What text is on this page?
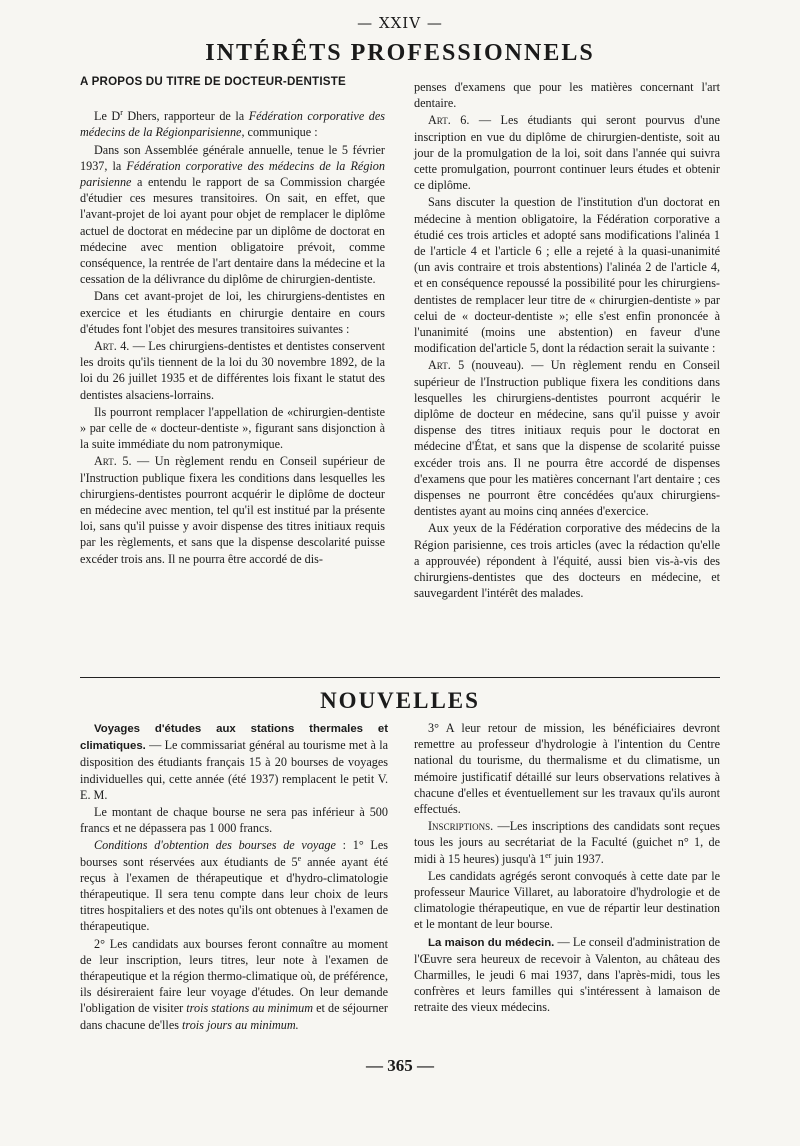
— XXIV —
INTÉRÊTS PROFESSIONNELS
A PROPOS DU TITRE DE DOCTEUR-DENTISTE

Le $D^r$ Dhers, rapporteur de la Fédération corporative des médecins de la Régionparisienne, communique :

Dans son Assemblée générale annuelle, tenue le 5 février 1937, la Fédération corporative des médecins de la Région parisienne a entendu le rapport de sa Commission chargée d'étudier ces mesures transitoires. On sait, en effet, que l'avant-projet de loi ayant pour objet de remplacer le diplôme actuel de doctorat en médecine par un diplôme de doctorat en médecine avec mention obligatoire prévoit, comme conséquence, la rentrée de l'art dentaire dans la médecine et la cessation de la délivrance du diplôme de chirurgien-dentiste.

Dans cet avant-projet de loi, les chirurgiens-dentistes en exercice et les étudiants en chirurgie dentaire en cours d'études font l'objet des mesures transitoires suivantes :

Art. 4. — Les chirurgiens-dentistes et dentistes conservent les droits qu'ils tiennent de la loi du 30 novembre 1892, de la loi du 26 juillet 1935 et de différentes lois fixant le statut des dentistes alsaciens-lorrains.

Ils pourront remplacer l'appellation de «chirurgien-dentiste » par celle de « docteur-dentiste », figurant sans disjonction à la suite immédiate du nom patronymique.

Art. 5. — Un règlement rendu en Conseil supérieur de l'Instruction publique fixera les conditions dans lesquelles les chirurgiens-dentistes pourront acquérir le diplôme de docteur en médecine avec mention, tel qu'il est institué par la présente loi, sans qu'il puisse y avoir dispense des titres initiaux requis par les règlements, et sans que la dispense descolarité puisse excéder trois ans. Il ne pourra être accordé de dis-

penses d'examens que pour les matières concernant l'art dentaire.

Art. 6. — Les étudiants qui seront pourvus d'une inscription en vue du diplôme de chirurgien-dentiste, soit au jour de la promulgation de la loi, soit dans l'année qui suivra cette promulgation, pourront continuer leurs études et obtenir ce diplôme.

Sans discuter la question de l'institution d'un doctorat en médecine à mention obligatoire, la Fédération corporative a étudié ces trois articles et adopté sans modifications l'alinéa 1 de l'article 4 et l'article 6 ; elle a rejeté à la quasi-unanimité (un avis contraire et trois abstentions) l'alinéa 2 de l'article 4, et en conséquence repoussé la possibilité pour les chirurgiens-dentistes de remplacer leur titre de « chirurgien-dentiste » par celui de « docteur-dentiste »; elle s'est enfin prononcée à l'unanimité (moins une abstention) en faveur d'une modification del'article 5, dont la rédaction serait la suivante :

Art. 5 (nouveau). — Un règlement rendu en Conseil supérieur de l'Instruction publique fixera les conditions dans lesquelles les chirurgiens-dentistes pourront acquérir le diplôme de docteur en médecine, sans qu'il puisse y avoir dispense des titres initiaux requis pour le doctorat en médecine d'État, et sans que la dispense de scolarité puisse excéder trois ans. Il ne pourra être accordé de dispenses d'examens que pour les matières concernant l'art dentaire ; ces dispenses ne pourront être concédées qu'aux chirurgiens-dentistes ayant au moins cinq années d'exercice.

Aux yeux de la Fédération corporative des médecins de la Région parisienne, ces trois articles (avec la rédaction qu'elle a approuvée) répondent à l'équité, aussi bien vis-à-vis des chirurgiens-dentistes que des docteurs en médecine, et sauvegardent l'intérêt des malades.

NOUVELLES

Voyages d'études aux stations thermales et climatiques. — Le commissariat général au tourisme met à la disposition des étudiants français 15 à 20 bourses de voyages individuelles qui, cette année (été 1937) remplacent le petit V. E. M.

Le montant de chaque bourse ne sera pas inférieur à 500 francs et ne dépassera pas 1 000 francs.

Conditions d'obtention des bourses de voyage : 1° Les bourses sont réservées aux étudiants de 5e année ayant été reçus à l'examen de thérapeutique et d'hydro-climatologie thérapeutique. Il sera tenu compte dans leur choix de leurs titres hospitaliers et des notes qu'ils ont obtenues à l'examen de thérapeutique.

2° Les candidats aux bourses feront connaître au moment de leur inscription, leurs titres, leur note à l'examen de thérapeutique et la région thermo-climatique où, de préférence, ils désireraient faire leur voyage d'études. On leur demande l'obligation de visiter trois stations au minimum et de séjourner dans chacune de'lles trois jours au minimum.

3° A leur retour de mission, les bénéficiaires devront remettre au professeur d'hydrologie à l'intention du Centre national du tourisme, du thermalisme et du climatisme, un mémoire justificatif détaillé sur leurs observations relatives à chacune d'elles et éventuellement sur les travaux qu'ils auront effectués.

Inscriptions. —Les inscriptions des candidats sont reçues tous les jours au secrétariat de la Faculté (guichet n° 1, de midi à 15 heures) jusqu'à 1er juin 1937.

Les candidats agrégés seront convoqués à cette date par le professeur Maurice Villaret, au laboratoire d'hydrologie et de climatologie thérapeutique, en vue de répartir leur destination et le montant de leur bourse.

La maison du médecin. — Le conseil d'administration de l'Œuvre sera heureux de recevoir à Valenton, au château des Charmilles, le jeudi 6 mai 1937, dans l'après-midi, tous les confrères et leurs familles qui s'intéressent à lamaison de retraite des vieux médecins.

— 365 —
